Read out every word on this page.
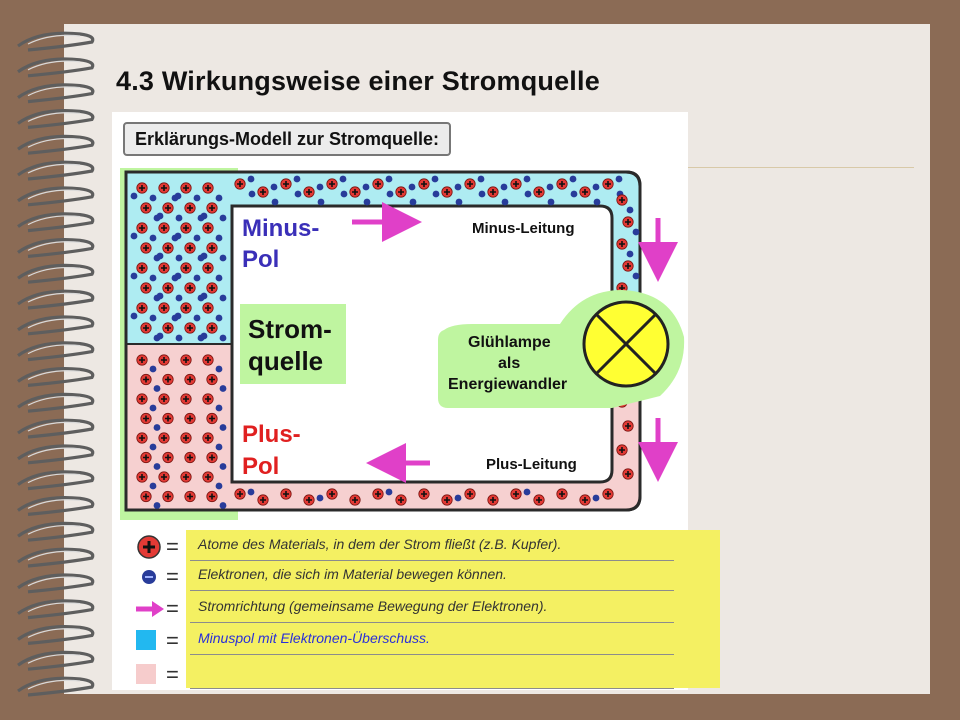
4.3 Wirkungsweise einer Stromquelle
Strom-
quelle
Minus-
Pol
Plus-
Pol
Minus-Leitung
Plus-Leitung
Glühlampe
als
Energiewandler
Erklärungs-Modell zur Stromquelle:
= Atome des Materials, in dem der Strom fließt (z.B. Kupfer).
= Elektronen, die sich im Material bewegen können.
= Stromrichtung (gemeinsame Bewegung der Elektronen).
= Minuspol mit Elektronen-Überschuss.
=
